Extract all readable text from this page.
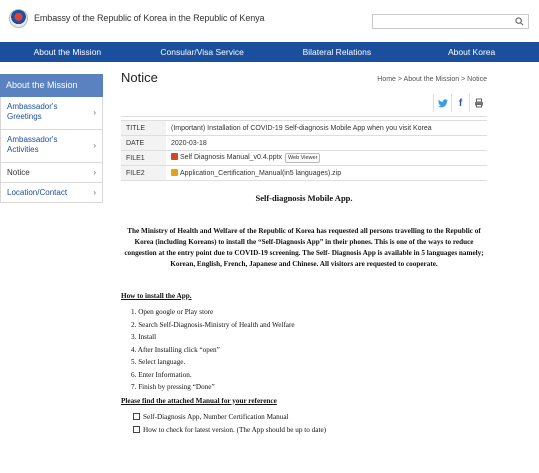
Embassy of the Republic of Korea in the Republic of Kenya
About the Mission	Consular/Visa Service	Bilateral Relations	About Korea
About the Mission
Ambassador's Greetings	›
Ambassador's Activities	›
Notice	›
Location/Contact	›
Notice	Home > About the Mission > Notice
f
TITLE	(Important) Installation of COVID-19 Self-diagnosis Mobile App when you visit Korea
DATE	2020-03-18
FILE1	Self Diagnosis Manual_v0.4.pptx Web Viewer
FILE2	Application_Certification_Manual(in5 languages).zip
Self-diagnosis Mobile App.
The Ministry of Health and Welfare of the Republic of Korea has requested all persons travelling to the Republic of Korea (including Koreans) to install the “Self-Diagnosis App” in their phones. This is one of the ways to reduce congestion at the entry point due to COVID-19 screening. The Self- Diagnosis App is available in 5 languages namely; Korean, English, French, Japanese and Chinese. All visitors are requested to cooperate.
How to install the App.
1. Open google or Play store
2. Search Self-Diagnosis-Ministry of Health and Welfare
3. Install
4. After Installing click “open”
5. Select language.
6. Enter Information.
7. Finish by pressing “Done”
Please find the attached Manual for your reference
Self-Diagnosis App, Number Certification Manual
How to check for latest version. (The App should be up to date)
